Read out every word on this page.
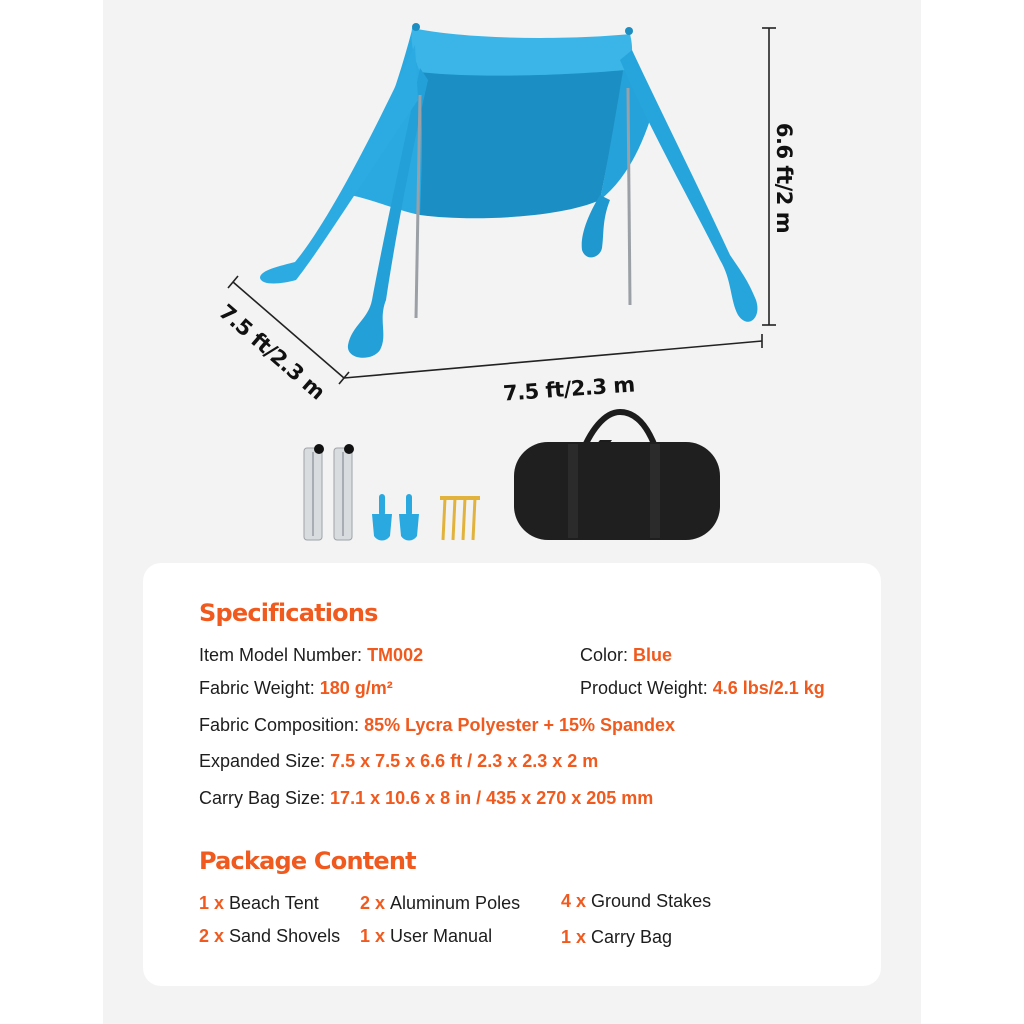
6.6 ft/2 m
7.5 ft/2.3 m	7.5 ft/2.3 m
Specifications
Item Model Number: TM002	Color: Blue
Fabric Weight: 180 g/m²	Product Weight: 4.6 lbs/2.1 kg
Fabric Composition: 85% Lycra Polyester + 15% Spandex
Expanded Size: 7.5 x 7.5 x 6.6 ft / 2.3 x 2.3 x 2 m
Carry Bag Size: 17.1 x 10.6 x 8 in / 435 x 270 x 205 mm
Package Content
1 x Beach Tent 2 x Aluminum Poles 4 x Ground Stakes
2 x Sand Shovels 1 x User Manual	1 x Carry Bag
